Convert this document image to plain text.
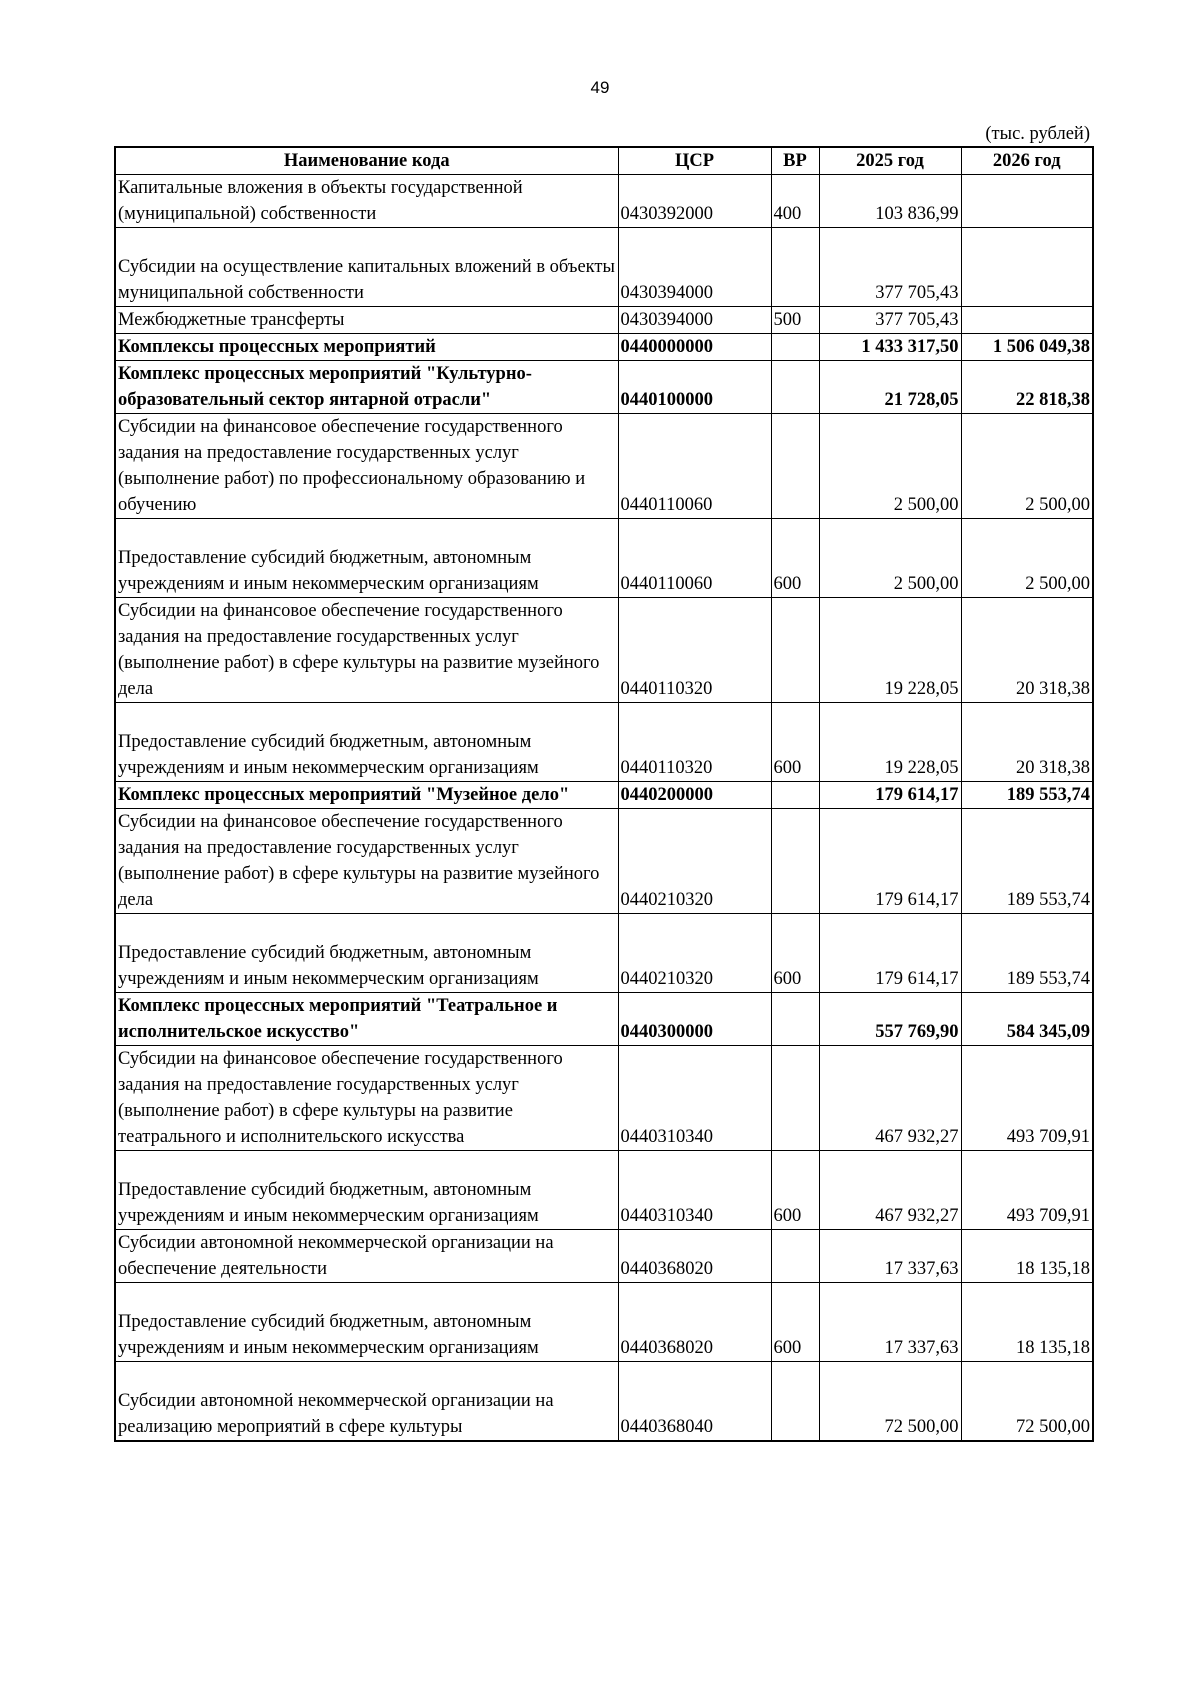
49
(тыс. рублей)
Наименование кода	ЦСР	ВР	2025 год	2026 год
Капитальные вложения в объекты государственной (муниципальной) собственности	0430392000	400	103 836,99	
Субсидии на осуществление капитальных вложений в объекты муниципальной собственности	0430394000		377 705,43	
Межбюджетные трансферты	0430394000	500	377 705,43	
Комплексы процессных мероприятий	0440000000		1 433 317,50	1 506 049,38
Комплекс процессных мероприятий "Культурно-образовательный сектор янтарной отрасли"	0440100000		21 728,05	22 818,38
Субсидии на финансовое обеспечение государственного задания на предоставление государственных услуг (выполнение работ) по профессиональному образованию и обучению	0440110060		2 500,00	2 500,00
Предоставление субсидий бюджетным, автономным учреждениям и иным некоммерческим организациям	0440110060	600	2 500,00	2 500,00
Субсидии на финансовое обеспечение государственного задания на предоставление государственных услуг (выполнение работ) в сфере культуры на развитие музейного дела	0440110320		19 228,05	20 318,38
Предоставление субсидий бюджетным, автономным учреждениям и иным некоммерческим организациям	0440110320	600	19 228,05	20 318,38
Комплекс процессных мероприятий "Музейное дело"	0440200000		179 614,17	189 553,74
Субсидии на финансовое обеспечение государственного задания на предоставление государственных услуг (выполнение работ) в сфере культуры на развитие музейного дела	0440210320		179 614,17	189 553,74
Предоставление субсидий бюджетным, автономным учреждениям и иным некоммерческим организациям	0440210320	600	179 614,17	189 553,74
Комплекс процессных мероприятий "Театральное и исполнительское искусство"	0440300000		557 769,90	584 345,09
Субсидии на финансовое обеспечение государственного задания на предоставление государственных услуг (выполнение работ) в сфере культуры на развитие театрального и исполнительского искусства	0440310340		467 932,27	493 709,91
Предоставление субсидий бюджетным, автономным учреждениям и иным некоммерческим организациям	0440310340	600	467 932,27	493 709,91
Субсидии автономной некоммерческой организации на обеспечение деятельности	0440368020		17 337,63	18 135,18
Предоставление субсидий бюджетным, автономным учреждениям и иным некоммерческим организациям	0440368020	600	17 337,63	18 135,18
Субсидии автономной некоммерческой организации на реализацию мероприятий в сфере культуры	0440368040		72 500,00	72 500,00
